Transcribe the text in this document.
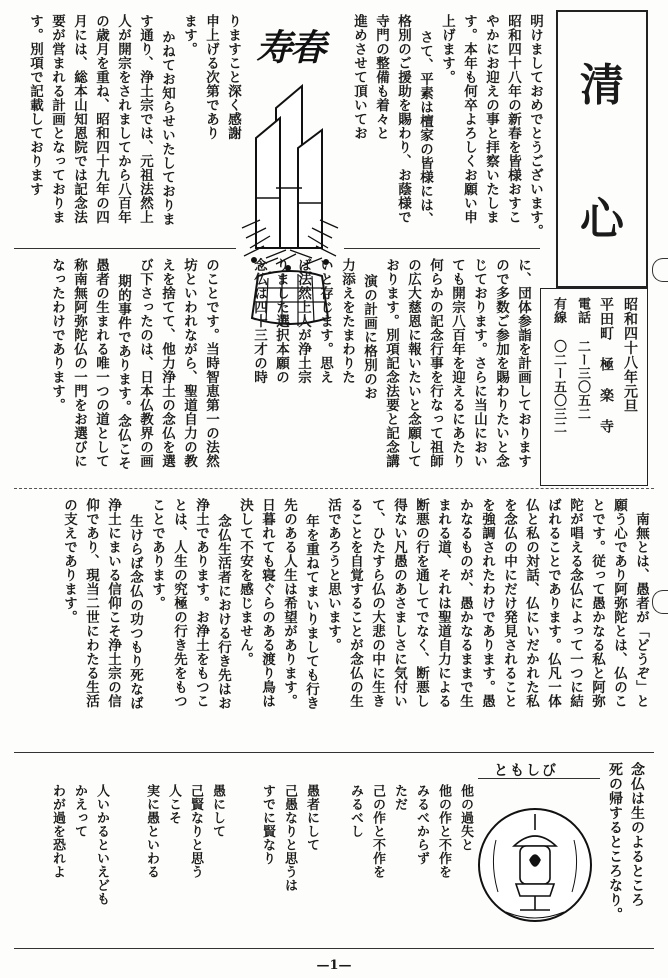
清
心
昭和四十八年元旦
平田町 極 楽 寺
電話 二ー三〇五二
有線 〇二ー五〇三二
明けましておめでとうございます。
昭和四十八年の新春を皆様おすこ
やかにお迎えの事と拝察いたしま
す。本年も何卒よろしくお願い申
上げます。
さて、平素は檀家の皆様には、
格別のご援助を賜わり、お蔭様で
寺門の整備も着々と
進めさせて頂いてお
りますこと深く感謝
申上げる次第であり
ます。
かねてお知らせいたしておりま
す通り、浄土宗では、元祖法然上
人が開宗をされましてから八百年
の歳月を重ね、昭和四十九年の四
月には、総本山知恩院では記念法
要が営まれる計画となっておりま
す。別項で記載しております	寿春
に、団体参詣を計画しております
ので多数ご参加を賜わりたいと念
じております。さらに当山におい
ても開宗八百年を迎えるにあたり
何らかの記念行事を行なって祖師
の広大慈恩に報いたいと念願して
おります。別項記念法要と記念講
演の計画に格別のお
力添えをたまわりた
いと存じます。思え
ば法然上人が浄土宗
りました選択本願の
念仏は四十三才の時
のことです。当時智恵第一の法然
坊といわれながら、聖道自力の教
えを捨てて、他力浄土の念仏を選
び下さったのは、日本仏教界の画
期的事件であります。念仏こそ
愚者の生まれる唯一つの道として
称南無阿弥陀仏の一門をお選びに
なったわけであります。
南無とは、愚者が「どうぞ」と
願う心であり阿弥陀とは、仏のこ
とです。従って愚かなる私と阿弥
陀が唱える念仏によって一つに結
ばれることであります。仏凡一体
仏と私の対話、仏にいだかれた私
を念仏の中にだけ発見されること
を強調されたわけであります。愚
かなるものが、愚かなるままで生
まれる道、それは聖道自力による
断悪の行を通してでなく、断悪し
得ない凡愚のあさましさに気付い
て、ひたすら仏の大悲の中に生き
ることを自覚することが念仏の生
活であろうと思います。
年を重ねてまいりましても行き
先のある人生は希望があります。
日暮れても寝ぐらのある渡り鳥は
決して不安を感じません。
念仏生活者における行き先はお
浄土であります。お浄土をもつこ
とは、人生の究極の行き先をもつ
ことであります。
生けらば念仏の功つもり死なば
浄土にまいる信仰こそ浄土宗の信
仰であり、現当二世にわたる生活
の支えであります。
ともしび	念仏は生のよるところ
死の帰するところなり。
他の過失と
他の作と不作を
みるべからず
ただ
己の作と不作を
みるべし
愚者にして
己愚なりと思うは
すでに賢なり
愚にして
己賢なりと思う
人こそ
実に愚といわる
人いかるといえども
かえって
わが過を恐れよ
—1—
